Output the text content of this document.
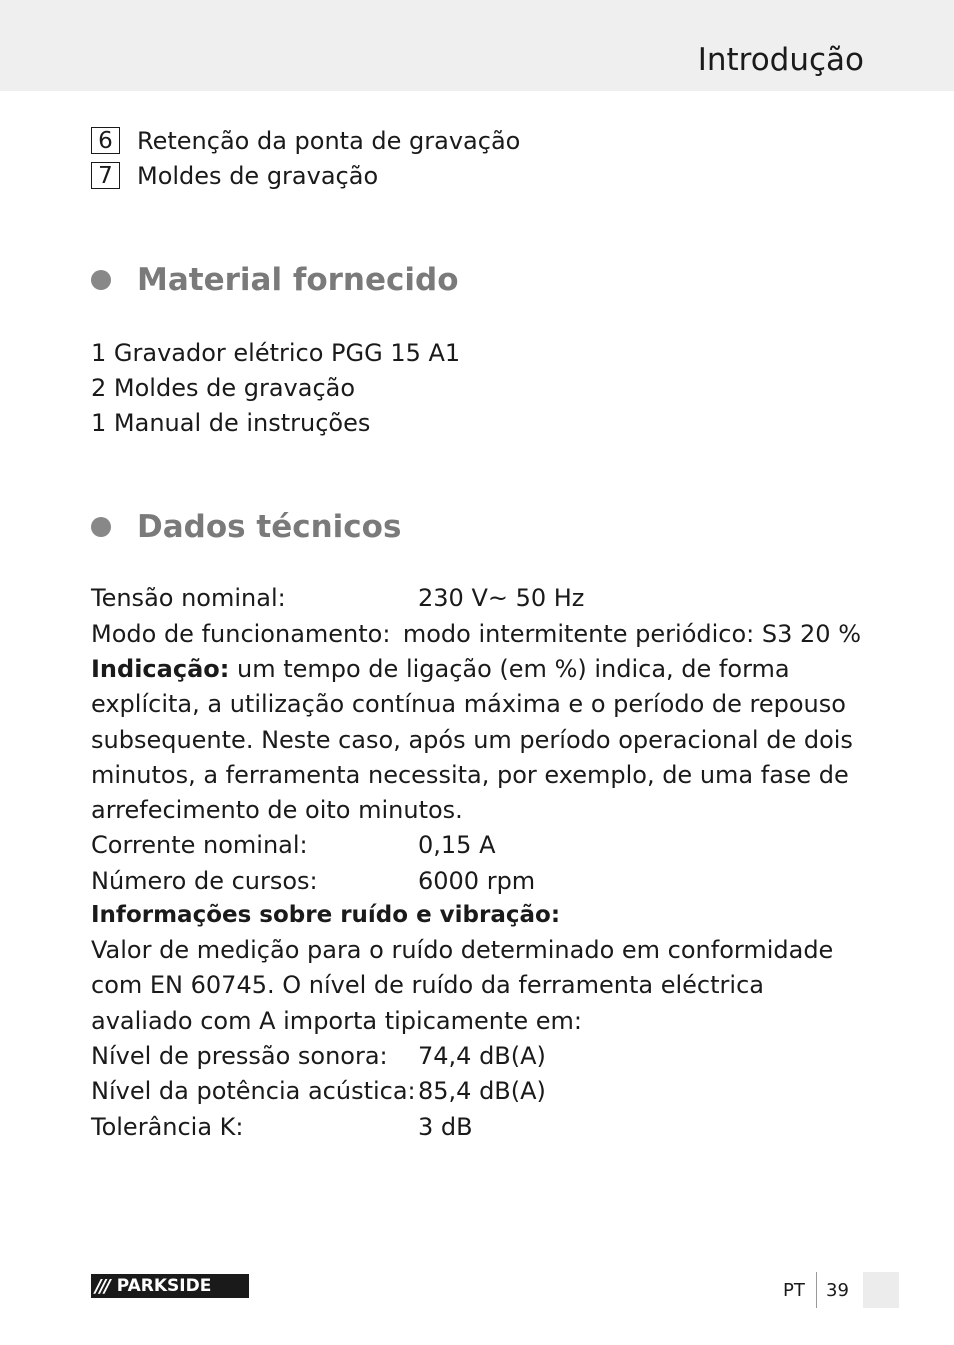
Introdução
6 Retenção da ponta de gravação
7 Moldes de gravação
Material fornecido
1 Gravador elétrico PGG 15 A1
2 Moldes de gravação
1 Manual de instruções
Dados técnicos
Tensão nominal:	230 V~ 50 Hz
Modo de funcionamento: modo intermitente periódico: S3 20 %
Indicação: um tempo de ligação (em %) indica, de forma explícita, a utilização contínua máxima e o período de repouso subsequente. Neste caso, após um período operacional de dois minutos, a ferramenta necessita, por exemplo, de uma fase de arrefecimento de oito minutos.
Corrente nominal:	0,15 A
Número de cursos:	6000 rpm
Informações sobre ruído e vibração:
Valor de medição para o ruído determinado em conformidade com EN 60745. O nível de ruído da ferramenta eléctrica avaliado com A importa tipicamente em:
Nível de pressão sonora:	74,4 dB(A)
Nível da potência acústica: 85,4 dB(A)
Tolerância K:	3 dB
/// PARKSIDE	PT 39
